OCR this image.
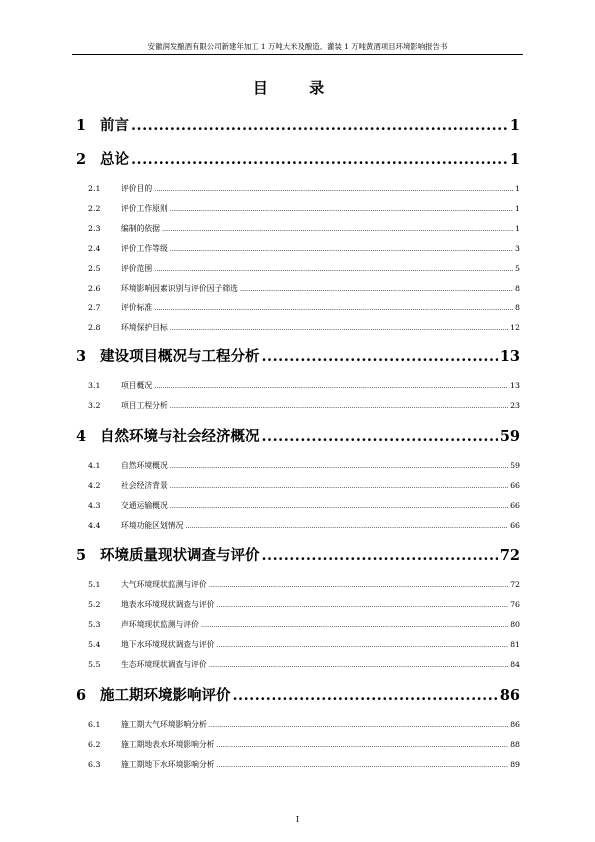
安徽润发酿酒有限公司新建年加工 1 万吨大米及酿造、灌装 1 万吨黄酒项目环境影响报告书
目 录
1 前言 .....	1
2 总论 .....	1
2.1	评价目的 .....	1
2.2	评价工作原则 .....	1
2.3	编制的依据 .....	1
2.4	评价工作等级 .....	3
2.5	评价范围 .....	5
2.6	环境影响因素识别与评价因子筛选 .....	8
2.7	评价标准 .....	8
2.8	环境保护目标 .....	12
3 建设项目概况与工程分析 .....	13
3.1	项目概况 .....	13
3.2	项目工程分析 .....	23
4 自然环境与社会经济概况 .....	59
4.1	自然环境概况 .....	59
4.2	社会经济背景 .....	66
4.3	交通运输概况 .....	66
4.4	环境功能区划情况 .....	66
5 环境质量现状调查与评价 .....	72
5.1	大气环境现状监测与评价 .....	72
5.2	地表水环境现状调查与评价 .....	76
5.3	声环境现状监测与评价 .....	80
5.4	地下水环境现状调查与评价 .....	81
5.5	生态环境现状调查与评价 .....	84
6 施工期环境影响评价 .....	86
6.1	施工期大气环境影响分析 .....	86
6.2	施工期地表水环境影响分析 .....	88
6.3	施工期地下水环境影响分析 .....	89
I
